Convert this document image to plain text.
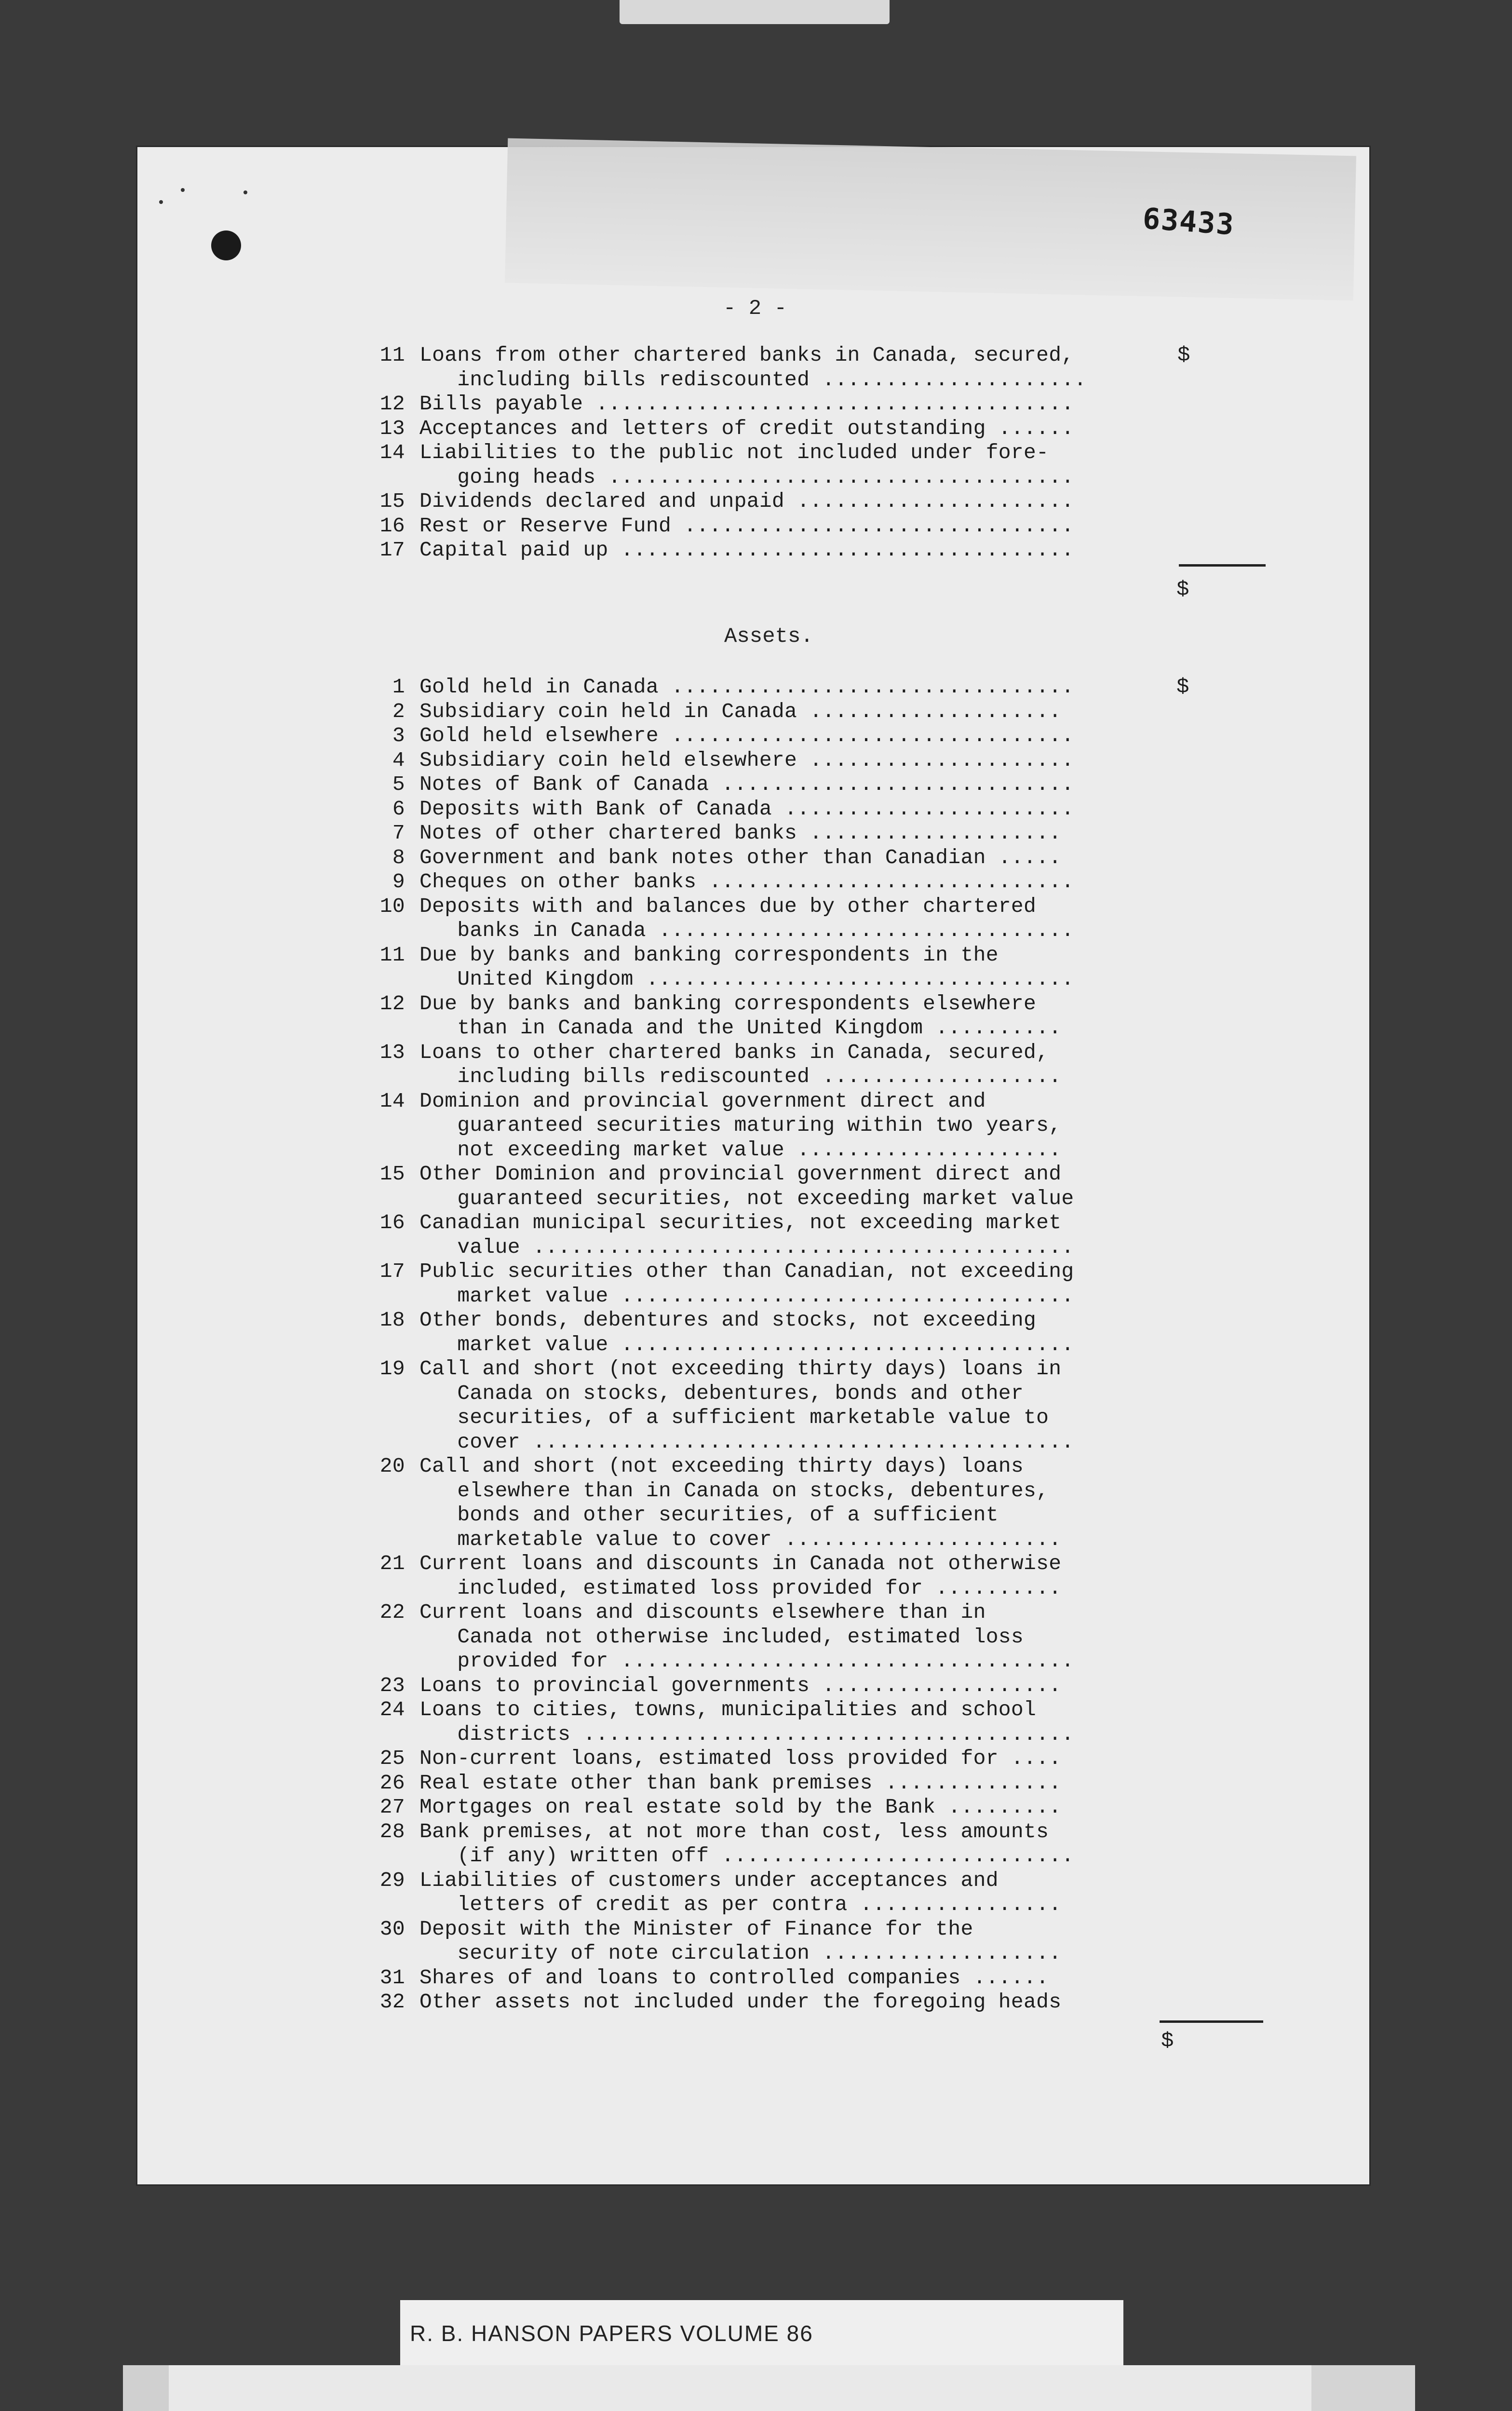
63433
- 2 -
11 Loans from other chartered banks in Canada, secured,
including bills rediscounted .....................
12 Bills payable ......................................
13 Acceptances and letters of credit outstanding ......
14 Liabilities to the public not included under fore-
going heads .....................................
15 Dividends declared and unpaid ......................
16 Rest or Reserve Fund ...............................
17 Capital paid up ....................................
Assets.
1 Gold held in Canada ................................
2 Subsidiary coin held in Canada ....................
3 Gold held elsewhere ................................
4 Subsidiary coin held elsewhere .....................
5 Notes of Bank of Canada ............................
6 Deposits with Bank of Canada .......................
7 Notes of other chartered banks ....................
8 Government and bank notes other than Canadian .....
9 Cheques on other banks .............................
10 Deposits with and balances due by other chartered
banks in Canada .................................
11 Due by banks and banking correspondents in the
United Kingdom ..................................
12 Due by banks and banking correspondents elsewhere
than in Canada and the United Kingdom ..........
13 Loans to other chartered banks in Canada, secured,
including bills rediscounted ...................
14 Dominion and provincial government direct and
guaranteed securities maturing within two years,
not exceeding market value .....................
15 Other Dominion and provincial government direct and
guaranteed securities, not exceeding market value
16 Canadian municipal securities, not exceeding market
value ...........................................
17 Public securities other than Canadian, not exceeding
market value ....................................
18 Other bonds, debentures and stocks, not exceeding
market value ....................................
19 Call and short (not exceeding thirty days) loans in
Canada on stocks, debentures, bonds and other
securities, of a sufficient marketable value to
cover ...........................................
20 Call and short (not exceeding thirty days) loans
elsewhere than in Canada on stocks, debentures,
bonds and other securities, of a sufficient
marketable value to cover ......................
21 Current loans and discounts in Canada not otherwise
included, estimated loss provided for ..........
22 Current loans and discounts elsewhere than in
Canada not otherwise included, estimated loss
provided for ....................................
23 Loans to provincial governments ...................
24 Loans to cities, towns, municipalities and school
districts .......................................
25 Non-current loans, estimated loss provided for ....
26 Real estate other than bank premises ..............
27 Mortgages on real estate sold by the Bank .........
28 Bank premises, at not more than cost, less amounts
(if any) written off ............................
29 Liabilities of customers under acceptances and
letters of credit as per contra ................
30 Deposit with the Minister of Finance for the
security of note circulation ...................
31 Shares of and loans to controlled companies ......
32 Other assets not included under the foregoing heads
$
$
$
$
R. B. HANSON PAPERS VOLUME 86
